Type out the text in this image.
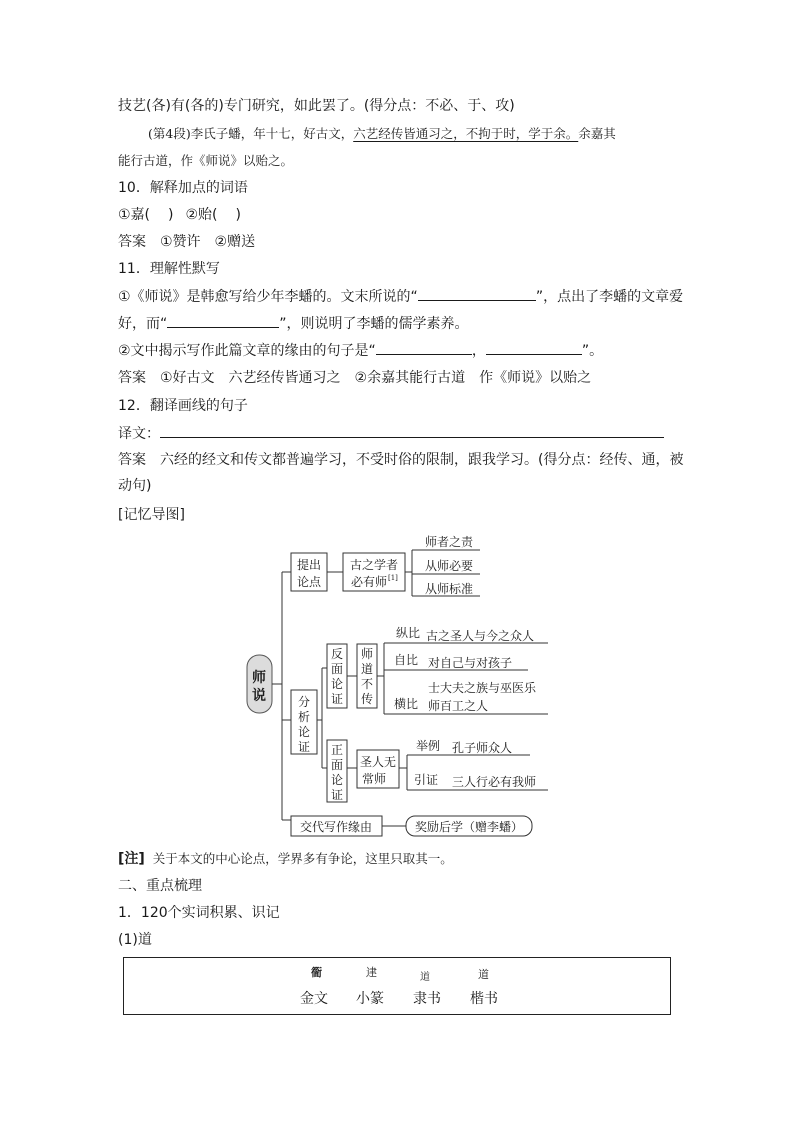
技艺(各)有(各的)专门研究，如此罢了。(得分点：不必、于、攻)
(第4段)李氏子蟠，年十七，好古文，六艺经传皆通习之，不拘于时，学于余。余嘉其
能行古道，作《师说》以贻之。
10．解释加点的词语
①嘉( ) ②贻( )
答案 ①赞许　②赠送
11．理解性默写
①《师说》是韩愈写给少年李蟠的。文末所说的“	”，点出了李蟠的文章爱
好，而“	”，则说明了李蟠的儒学素养。
②文中揭示写作此篇文章的缘由的句子是“	，	”。
答案 ①好古文　六艺经传皆通习之　②余嘉其能行古道　作《师说》以贻之
12．翻译画线的句子
译文：
答案 六经的经文和传文都普遍学习，不受时俗的限制，跟我学习。(得分点：经传、通，被
动句)
[记忆导图]
师
说
提出
论点
古之学者
必有师 [1]
师者之责
从师必要
从师标准
分
析
论
证
反
面
论
证
师
道
不
传
纵比 古之圣人与今之众人
自比 对自己与对孩子
士大夫之族与巫医乐
横比 师百工之人
正
面
论
证
圣人无
常师
举例 孔子师众人
引证 三人行必有我师
交代写作缘由	奖励后学（赠李蟠）
[注] 关于本文的中心论点，学界多有争论，这里只取其一。
二、重点梳理
1．120个实词积累、识记
(1)道
衟	䢖	道	道
金文 小篆 隶书 楷书
